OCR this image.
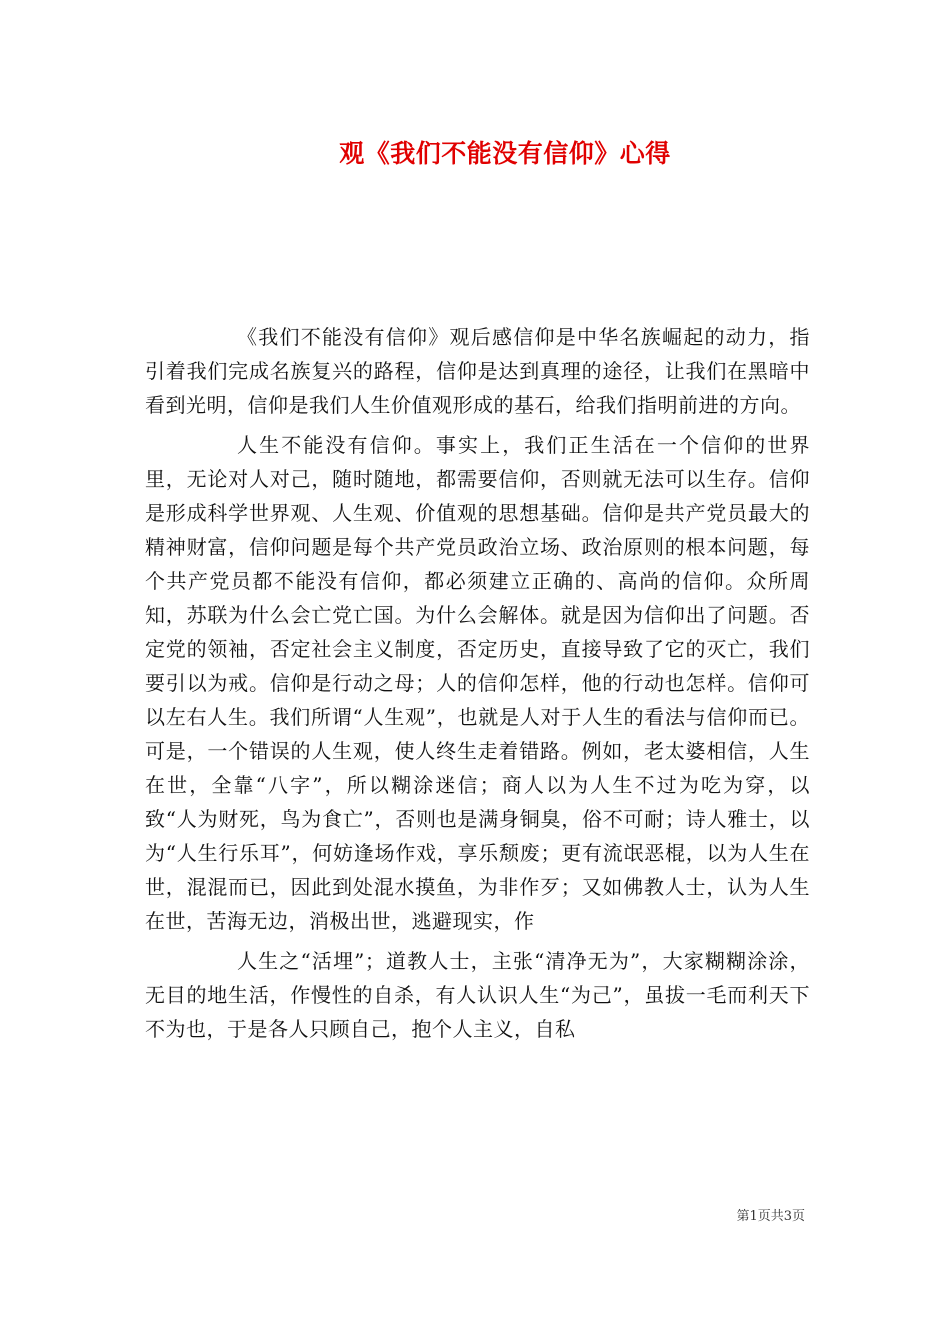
观《我们不能没有信仰》心得

《我们不能没有信仰》观后感信仰是中华名族崛起的动力，指引着我们完成名族复兴的路程，信仰是达到真理的途径，让我们在黑暗中看到光明，信仰是我们人生价值观形成的基石，给我们指明前进的方向。

人生不能没有信仰。事实上，我们正生活在一个信仰的世界里，无论对人对己，随时随地，都需要信仰，否则就无法可以生存。信仰是形成科学世界观、人生观、价值观的思想基础。信仰是共产党员最大的精神财富，信仰问题是每个共产党员政治立场、政治原则的根本问题，每个共产党员都不能没有信仰，都必须建立正确的、高尚的信仰。众所周知，苏联为什么会亡党亡国。为什么会解体。就是因为信仰出了问题。否定党的领袖，否定社会主义制度，否定历史，直接导致了它的灭亡，我们要引以为戒。信仰是行动之母；人的信仰怎样，他的行动也怎样。信仰可以左右人生。我们所谓“人生观”，也就是人对于人生的看法与信仰而已。可是，一个错误的人生观，使人终生走着错路。例如，老太婆相信，人生在世，全靠“八字”，所以糊涂迷信；商人以为人生不过为吃为穿，以致“人为财死，鸟为食亡”，否则也是满身铜臭，俗不可耐；诗人雅士，以为“人生行乐耳”，何妨逢场作戏，享乐颓废；更有流氓恶棍，以为人生在世，混混而已，因此到处混水摸鱼，为非作歹；又如佛教人士，认为人生在世，苦海无边，消极出世，逃避现实，作

人生之“活埋”；道教人士，主张“清净无为”，大家糊糊涂涂，无目的地生活，作慢性的自杀，有人认识人生“为己”，虽拔一毛而利天下不为也，于是各人只顾自己，抱个人主义，自私

第1页共3页
